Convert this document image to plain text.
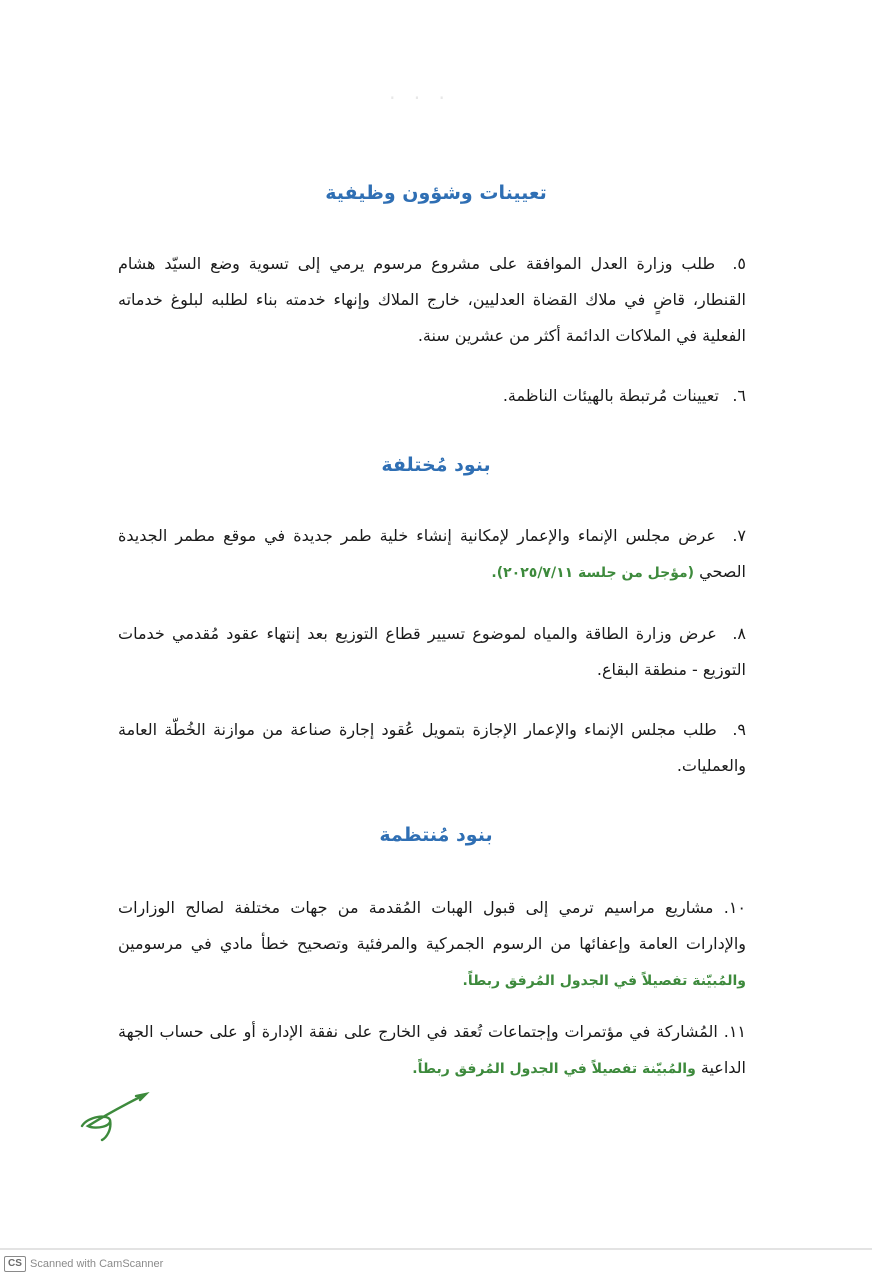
· · ·
تعيينات وشؤون وظيفية
٥. طلب وزارة العدل الموافقة على مشروع مرسوم يرمي إلى تسوية وضع السيّد هشام القنطار، قاضٍ في ملاك القضاة العدليين، خارج الملاك وإنهاء خدمته بناء لطلبه لبلوغ خدماته الفعلية في الملاكات الدائمة أكثر من عشرين سنة.
٦. تعيينات مُرتبطة بالهيئات الناظمة.
بنود مُختلفة
٧. عرض مجلس الإنماء والإعمار لإمكانية إنشاء خلية طمر جديدة في موقع مطمر الجديدة الصحي (مؤجل من جلسة ٢٠٢٥/٧/١١).
٨. عرض وزارة الطاقة والمياه لموضوع تسيير قطاع التوزيع بعد إنتهاء عقود مُقدمي خدمات التوزيع - منطقة البقاع.
٩. طلب مجلس الإنماء والإعمار الإجازة بتمويل عُقود إجارة صناعة من موازنة الخُطّة العامة والعمليات.
بنود مُنتظمة
١٠. مشاريع مراسيم ترمي إلى قبول الهبات المُقدمة من جهات مختلفة لصالح الوزارات والإدارات العامة وإعفائها من الرسوم الجمركية والمرفئية وتصحيح خطأ مادي في مرسومين والمُبيّنة تفصيلاً في الجدول المُرفق ربطاً.
١١. المُشاركة في مؤتمرات وإجتماعات تُعقد في الخارج على نفقة الإدارة أو على حساب الجهة الداعية والمُبيّنة تفصيلاً في الجدول المُرفق ربطاً.
CS Scanned with CamScanner
